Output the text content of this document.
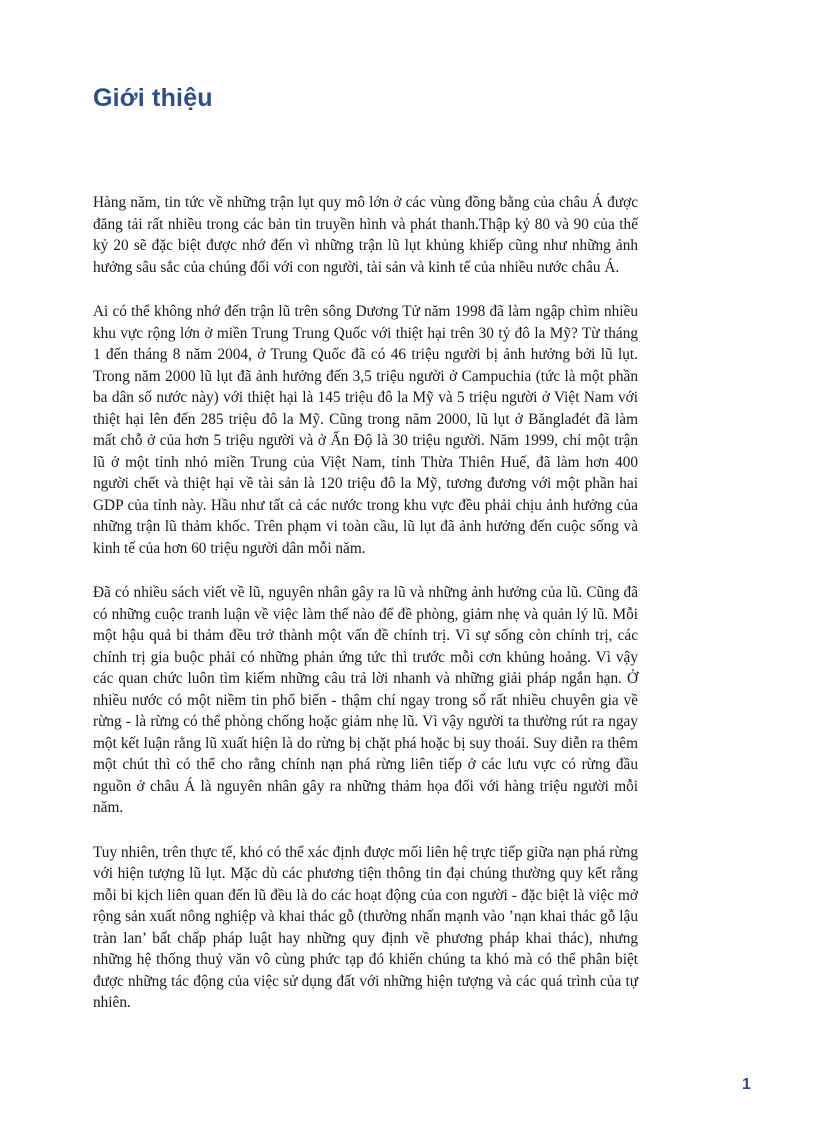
Giới thiệu

Hàng năm, tin tức về những trận lụt quy mô lớn ở các vùng đồng bằng của châu Á được đăng tải rất nhiều trong các bản tin truyền hình và phát thanh.Thập kỷ 80 và 90 của thế kỷ 20 sẽ đặc biệt được nhớ đến vì những trận lũ lụt khủng khiếp cũng như những ảnh hưởng sâu sắc của chúng đối với con người, tài sản và kinh tế của nhiều nước châu Á.

Ai có thể không nhớ đến trận lũ trên sông Dương Tử năm 1998 đã làm ngập chìm nhiều khu vực rộng lớn ở miền Trung Trung Quốc với thiệt hại trên 30 tỷ đô la Mỹ? Từ tháng 1 đến tháng 8 năm 2004, ở Trung Quốc đã có 46 triệu người bị ảnh hưởng bởi lũ lụt. Trong năm 2000 lũ lụt đã ảnh hưởng đến 3,5 triệu người ở Campuchia (tức là một phần ba dân số nước này) với thiệt hại là 145 triệu đô la Mỹ và 5 triệu người ở Việt Nam với thiệt hại lên đến 285 triệu đô la Mỹ. Cũng trong năm 2000, lũ lụt ở Bănglađét đã làm mất chỗ ở của hơn 5 triệu người và ở Ấn Độ là 30 triệu người. Năm 1999, chỉ một trận lũ ở một tỉnh nhỏ miền Trung của Việt Nam, tỉnh Thừa Thiên Huế, đã làm hơn 400 người chết và thiệt hại về tài sản là 120 triệu đô la Mỹ, tương đương với một phần hai GDP của tỉnh này. Hầu như tất cả các nước trong khu vực đều phải chịu ảnh hưởng của những trận lũ thảm khốc. Trên phạm vi toàn cầu, lũ lụt đã ảnh hưởng đến cuộc sống và kinh tế của hơn 60 triệu người dân mỗi năm.

Đã có nhiều sách viết về lũ, nguyên nhân gây ra lũ và những ảnh hưởng của lũ. Cũng đã có những cuộc tranh luận về việc làm thế nào để đề phòng, giảm nhẹ và quản lý lũ. Mỗi một hậu quả bi thảm đều trở thành một vấn đề chính trị. Vì sự sống còn chính trị, các chính trị gia buộc phải có những phản ứng tức thì trước mỗi cơn khủng hoảng. Vì vậy các quan chức luôn tìm kiếm những câu trả lời nhanh và những giải pháp ngắn hạn. Ở nhiều nước có một niềm tin phổ biến - thậm chí ngay trong số rất nhiều chuyên gia về rừng - là rừng có thể phòng chống hoặc giảm nhẹ lũ. Vì vậy người ta thường rút ra ngay một kết luận rằng lũ xuất hiện là do rừng bị chặt phá hoặc bị suy thoái. Suy diễn ra thêm một chút thì có thể cho rằng chính nạn phá rừng liên tiếp ở các lưu vực có rừng đầu nguồn ở châu Á là nguyên nhân gây ra những thảm họa đối với hàng triệu người mỗi năm.

Tuy nhiên, trên thực tế, khó có thể xác định được mối liên hệ trực tiếp giữa nạn phá rừng với hiện tượng lũ lụt. Mặc dù các phương tiện thông tin đại chúng thường quy kết rằng mỗi bi kịch liên quan đến lũ đều là do các hoạt động của con người - đặc biệt là việc mở rộng sản xuất nông nghiệp và khai thác gỗ (thường nhấn mạnh vào ’nạn khai thác gỗ lậu tràn lan’ bất chấp pháp luật hay những quy định về phương pháp khai thác), nhưng những hệ thống thuỷ văn vô cùng phức tạp đó khiến chúng ta khó mà có thể phân biệt được những tác động của việc sử dụng đất với những hiện tượng và các quá trình của tự nhiên.

1
